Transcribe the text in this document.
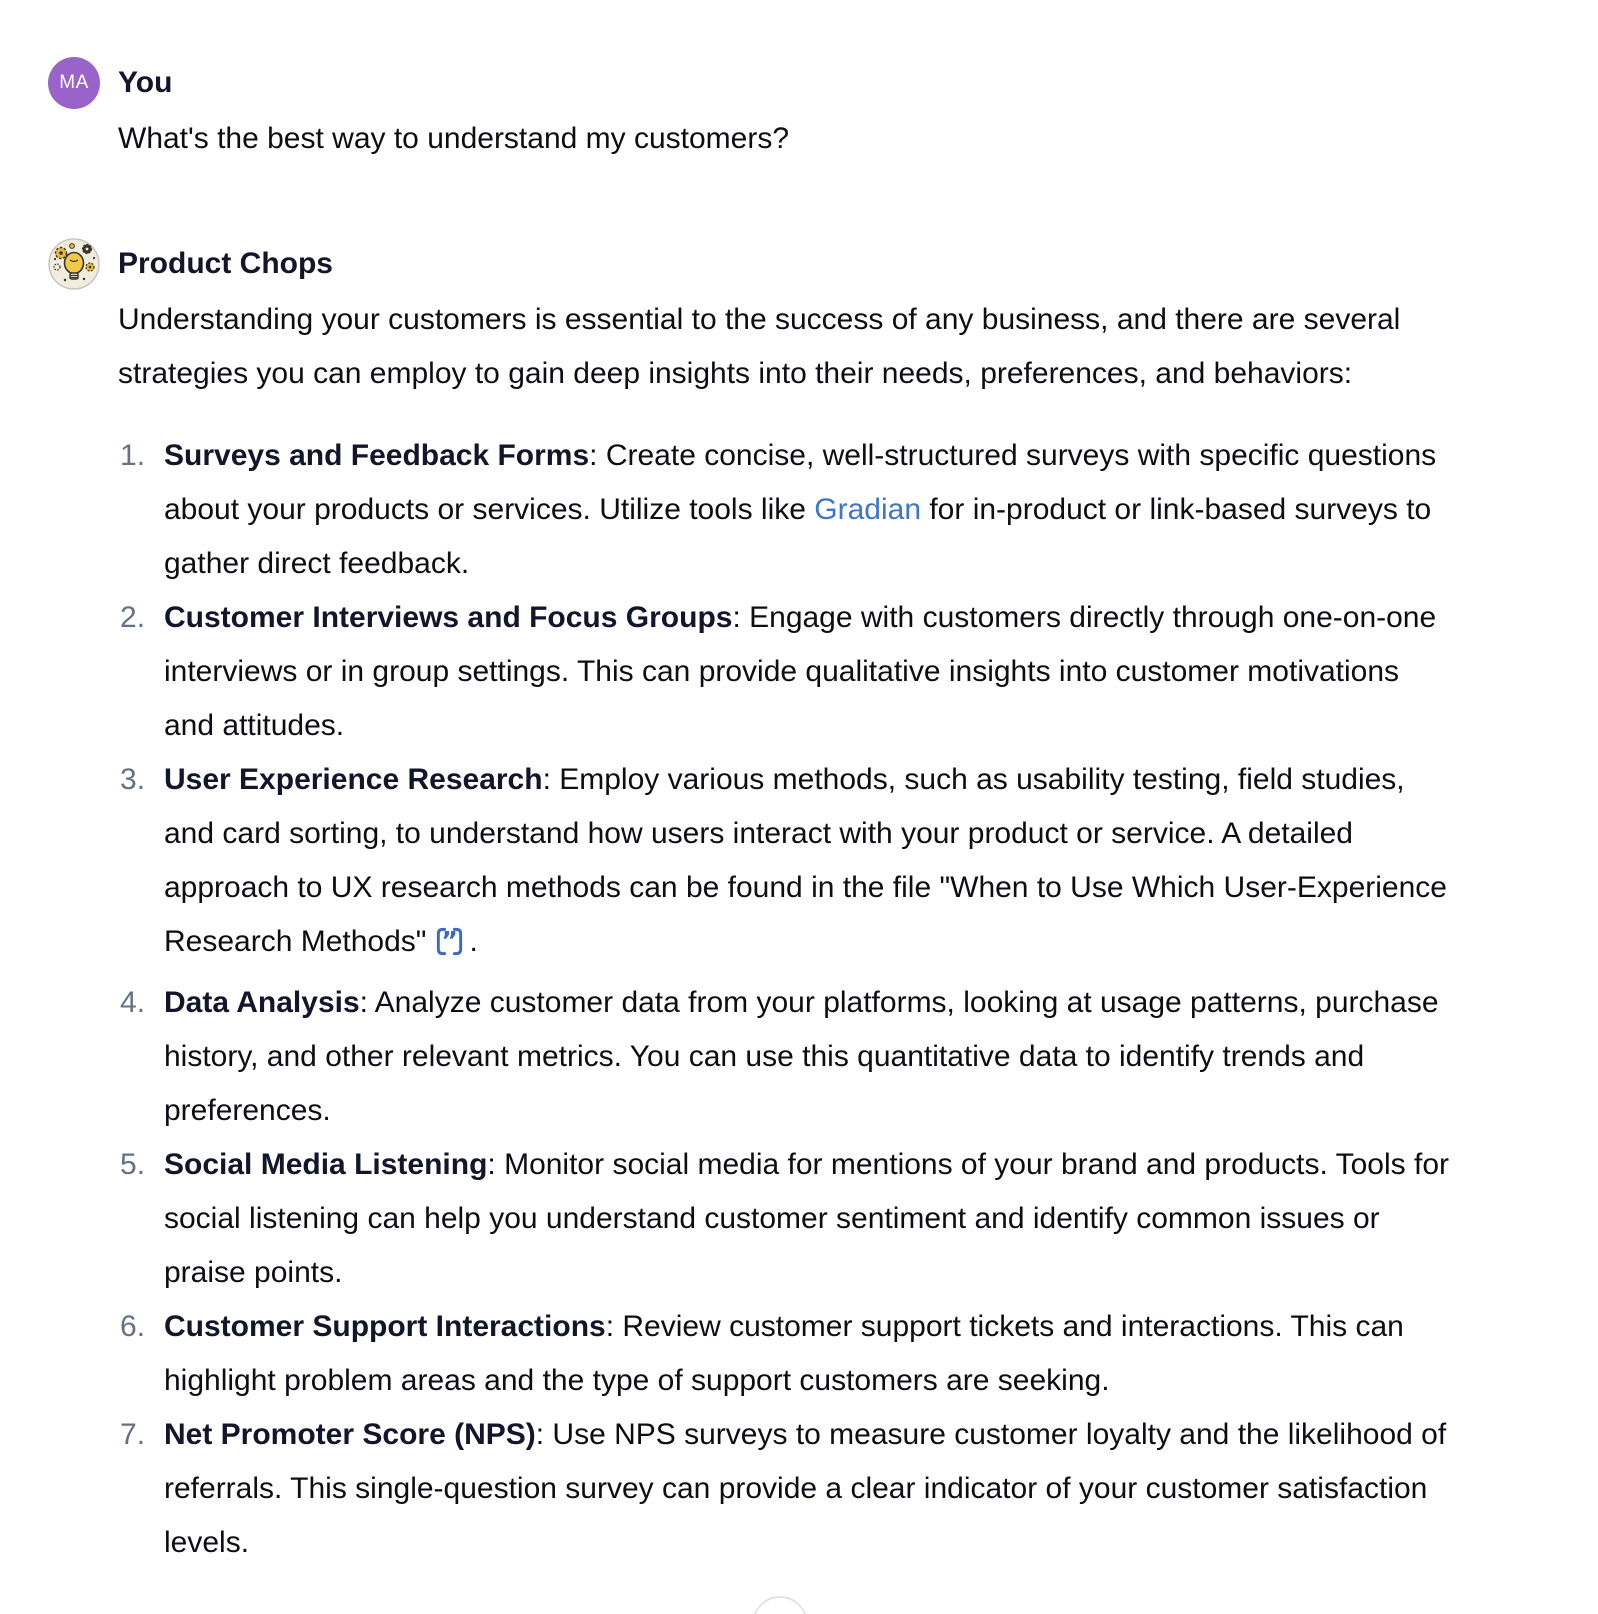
MA You

What's the best way to understand my customers?

Product Chops

Understanding your customers is essential to the success of any business, and there are several strategies you can employ to gain deep insights into their needs, preferences, and behaviors:

Surveys and Feedback Forms: Create concise, well-structured surveys with specific questions about your products or services. Utilize tools like Gradian for in-product or link-based surveys to gather direct feedback.
Customer Interviews and Focus Groups: Engage with customers directly through one-on-one interviews or in group settings. This can provide qualitative insights into customer motivations and attitudes.
User Experience Research: Employ various methods, such as usability testing, field studies, and card sorting, to understand how users interact with your product or service. A detailed approach to UX research methods can be found in the file "When to Use Which User-Experience Research Methods" ” .
Data Analysis: Analyze customer data from your platforms, looking at usage patterns, purchase history, and other relevant metrics. You can use this quantitative data to identify trends and preferences.
Social Media Listening: Monitor social media for mentions of your brand and products. Tools for social listening can help you understand customer sentiment and identify common issues or praise points.
Customer Support Interactions: Review customer support tickets and interactions. This can highlight problem areas and the type of support customers are seeking.
Net Promoter Score (NPS): Use NPS surveys to measure customer loyalty and the likelihood of referrals. This single-question survey can provide a clear indicator of your customer satisfaction levels.
